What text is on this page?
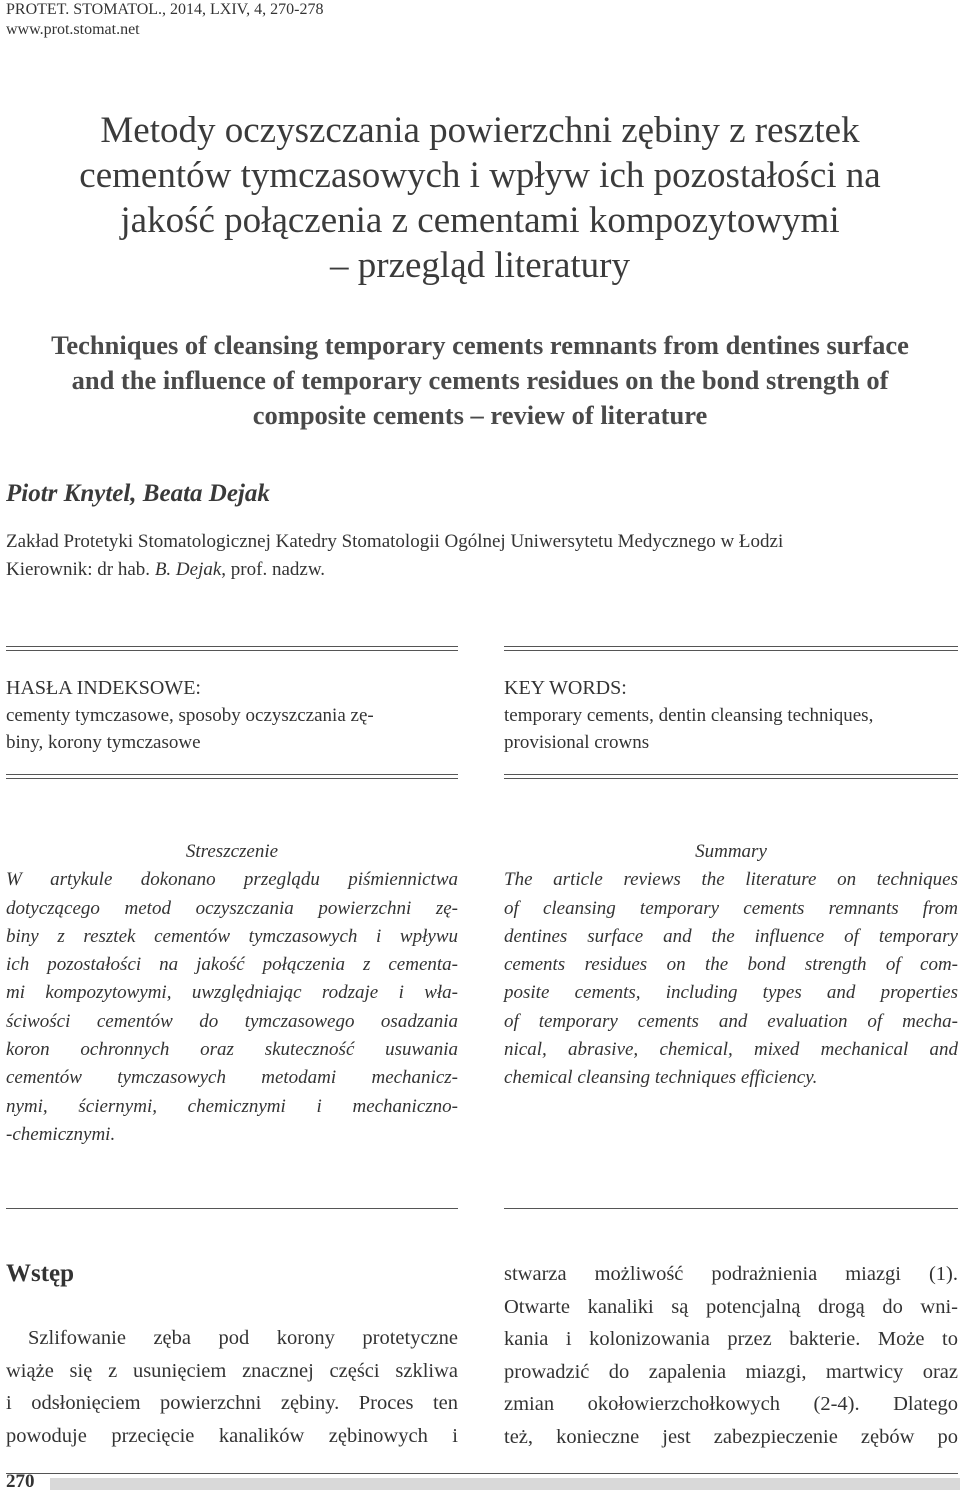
PROTET. STOMATOL., 2014, LXIV, 4, 270-278
www.prot.stomat.net
Metody oczyszczania powierzchni zębiny z resztek
cementów tymczasowych i wpływ ich pozostałości na
jakość połączenia z cementami kompozytowymi
– przegląd literatury
Techniques of cleansing temporary cements remnants from dentines surface
and the influence of temporary cements residues on the bond strength of
composite cements – review of literature
Piotr Knytel, Beata Dejak
Zakład Protetyki Stomatologicznej Katedry Stomatologii Ogólnej Uniwersytetu Medycznego w Łodzi
Kierownik: dr hab. B. Dejak, prof. nadzw.
HASŁA INDEKSOWE:
cementy tymczasowe, sposoby oczyszczania zę-
biny, korony tymczasowe
KEY WORDS:
temporary cements, dentin cleansing techniques,
provisional crowns
Streszczenie
W artykule dokonano przeglądu piśmiennictwa
dotyczącego metod oczyszczania powierzchni zę-
biny z resztek cementów tymczasowych i wpływu
ich pozostałości na jakość połączenia z cementa-
mi kompozytowymi, uwzględniając rodzaje i wła-
ściwości cementów do tymczasowego osadzania
koron ochronnych oraz skuteczność usuwania
cementów tymczasowych metodami mechanicz-
nymi, ściernymi, chemicznymi i mechaniczno-
-chemicznymi.
Summary
The article reviews the literature on techniques
of cleansing temporary cements remnants from
dentines surface and the influence of temporary
cements residues on the bond strength of com-
posite cements, including types and properties
of temporary cements and evaluation of mecha-
nical, abrasive, chemical, mixed mechanical and
chemical cleansing techniques efficiency.
Wstęp
Szlifowanie zęba pod korony protetyczne
wiąże się z usunięciem znacznej części szkliwa
i odsłonięciem powierzchni zębiny. Proces ten
powoduje przecięcie kanalików zębinowych i
stwarza możliwość podrażnienia miazgi (1).
Otwarte kanaliki są potencjalną drogą do wni-
kania i kolonizowania przez bakterie. Może to
prowadzić do zapalenia miazgi, martwicy oraz
zmian okołowierzchołkowych (2-4). Dlatego
też, konieczne jest zabezpieczenie zębów po
270
